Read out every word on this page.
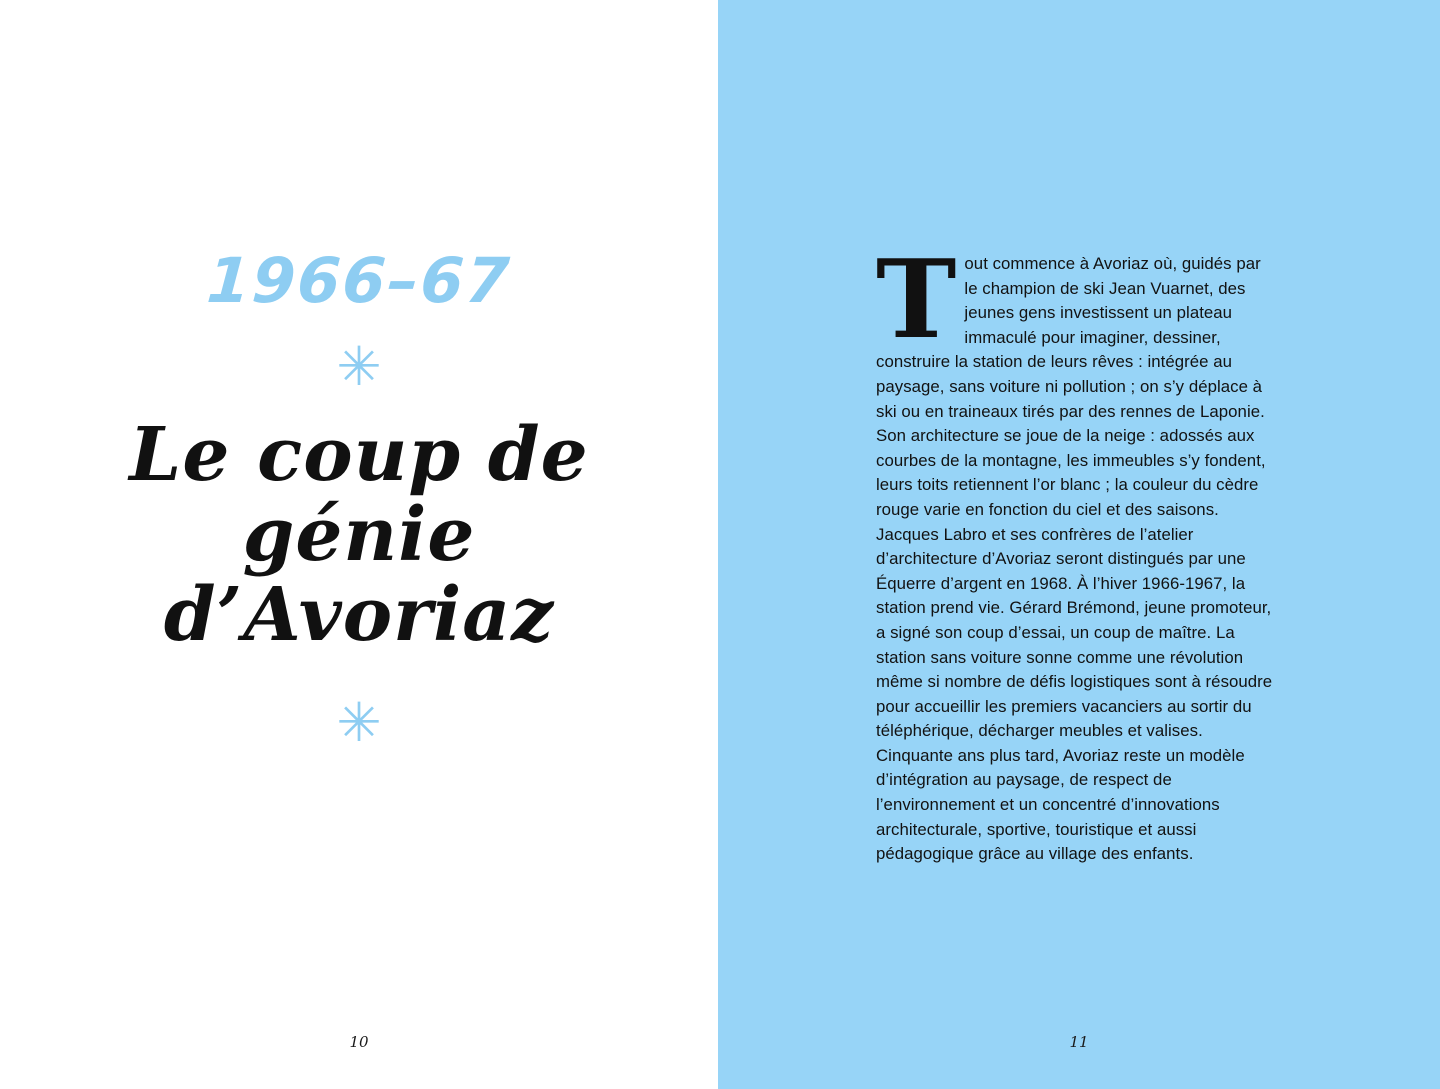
1966–67
✳
Le coup de génie
d’Avoriaz
✳
10
T out commence à Avoriaz où, guidés par le champion de ski Jean Vuarnet, des jeunes gens investissent un plateau immaculé pour imaginer, dessiner, construire la station de leurs rêves : intégrée au paysage, sans voiture ni pollution ; on s’y déplace à ski ou en traineaux tirés par des rennes de Laponie. Son architecture se joue de la neige : adossés aux courbes de la montagne, les immeubles s’y fondent, leurs toits retiennent l’or blanc ; la couleur du cèdre rouge varie en fonction du ciel et des saisons. Jacques Labro et ses confrères de l’atelier d’architecture d’Avoriaz seront distingués par une Équerre d’argent en 1968. À l’hiver 1966-1967, la station prend vie. Gérard Brémond, jeune promoteur, a signé son coup d’essai, un coup de maître. La station sans voiture sonne comme une révolution même si nombre de défis logistiques sont à résoudre pour accueillir les premiers vacanciers au sortir du téléphérique, décharger meubles et valises. Cinquante ans plus tard, Avoriaz reste un modèle d’intégration au paysage, de respect de l’environnement et un concentré d’innovations architecturale, sportive, touristique et aussi pédagogique grâce au village des enfants.

11
